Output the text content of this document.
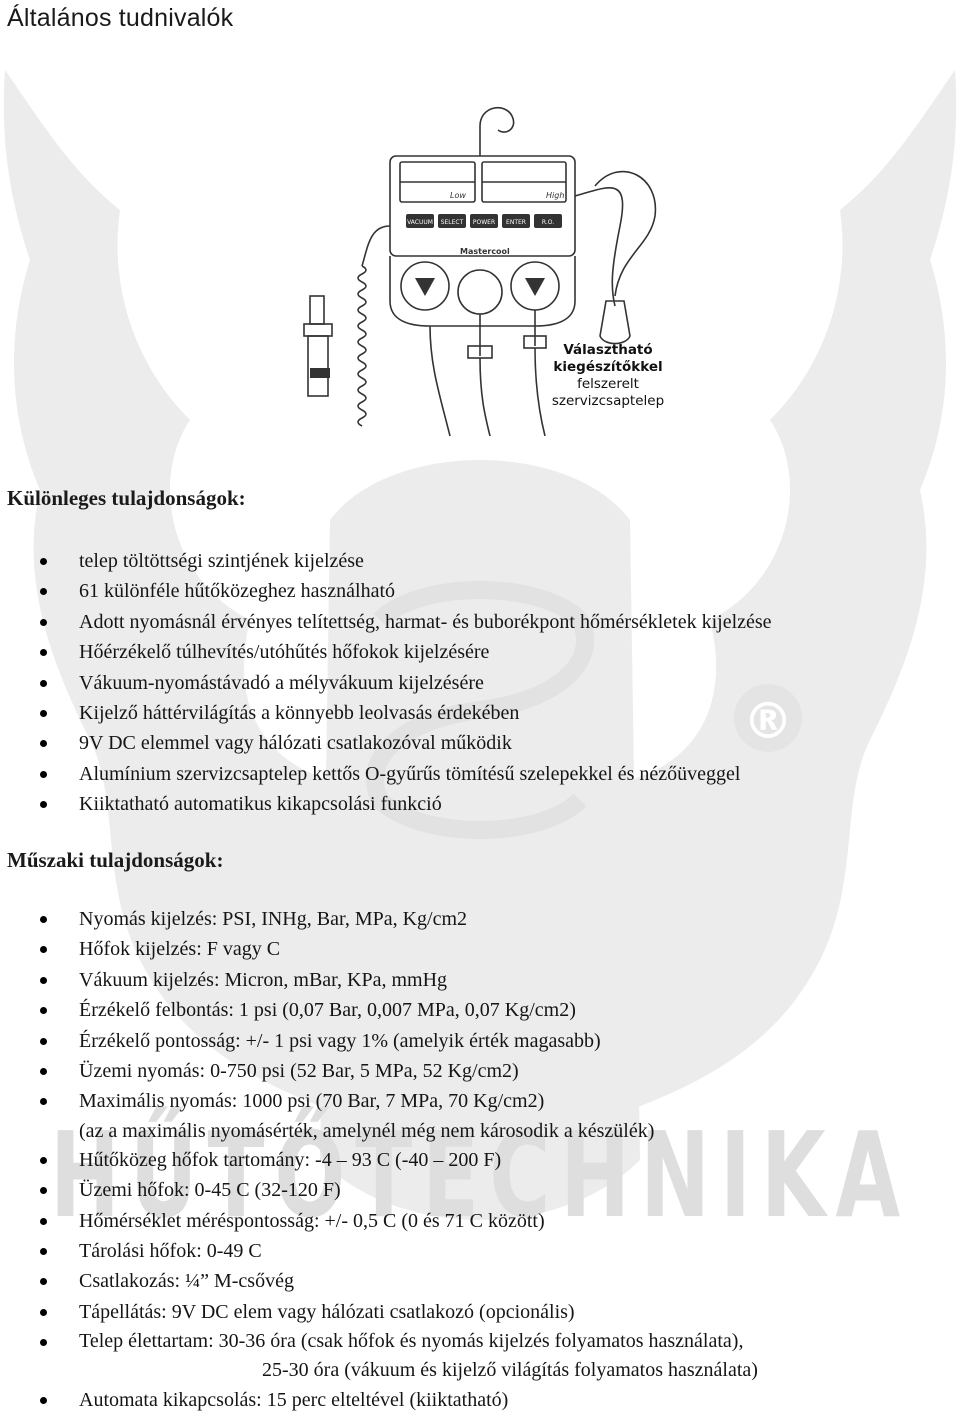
®
HŰTŐTECHNIKA
Általános tudnivalók
VACUUM SELECT POWER ENTER	R.O.
Low	High
Mastercool
Választható
kiegészítőkkel
felszerelt
szervizcsaptelep
Különleges tulajdonságok:
telep töltöttségi szintjének kijelzése
61 különféle hűtőközeghez használható
Adott nyomásnál érvényes telítettség, harmat- és buborékpont hőmérsékletek kijelzése
Hőérzékelő túlhevítés/utóhűtés hőfokok kijelzésére
Vákuum-nyomástávadó a mélyvákuum kijelzésére
Kijelző háttérvilágítás a könnyebb leolvasás érdekében
9V DC elemmel vagy hálózati csatlakozóval működik
Alumínium szervizcsaptelep kettős O-gyűrűs tömítésű szelepekkel és nézőüveggel
Kiiktatható automatikus kikapcsolási funkció
Műszaki tulajdonságok:
Nyomás kijelzés: PSI, INHg, Bar, MPa, Kg/cm2
Hőfok kijelzés: F vagy C
Vákuum kijelzés: Micron, mBar, KPa, mmHg
Érzékelő felbontás: 1 psi (0,07 Bar, 0,007 MPa, 0,07 Kg/cm2)
Érzékelő pontosság: +/- 1 psi vagy 1% (amelyik érték magasabb)
Üzemi nyomás: 0-750 psi (52 Bar, 5 MPa, 52 Kg/cm2)
Maximális nyomás: 1000 psi (70 Bar, 7 MPa, 70 Kg/cm2)
(az a maximális nyomásérték, amelynél még nem károsodik a készülék)
Hűtőközeg hőfok tartomány: -4 – 93 C (-40 – 200 F)
Üzemi hőfok: 0-45 C (32-120 F)
Hőmérséklet méréspontosság: +/- 0,5 C (0 és 71 C között)
Tárolási hőfok: 0-49 C
Csatlakozás: ¼” M-csővég
Tápellátás: 9V DC elem vagy hálózati csatlakozó (opcionális)
Telep élettartam: 30-36 óra (csak hőfok és nyomás kijelzés folyamatos használata),
25-30 óra (vákuum és kijelző világítás folyamatos használata)
Automata kikapcsolás: 15 perc elteltével (kiiktatható)
